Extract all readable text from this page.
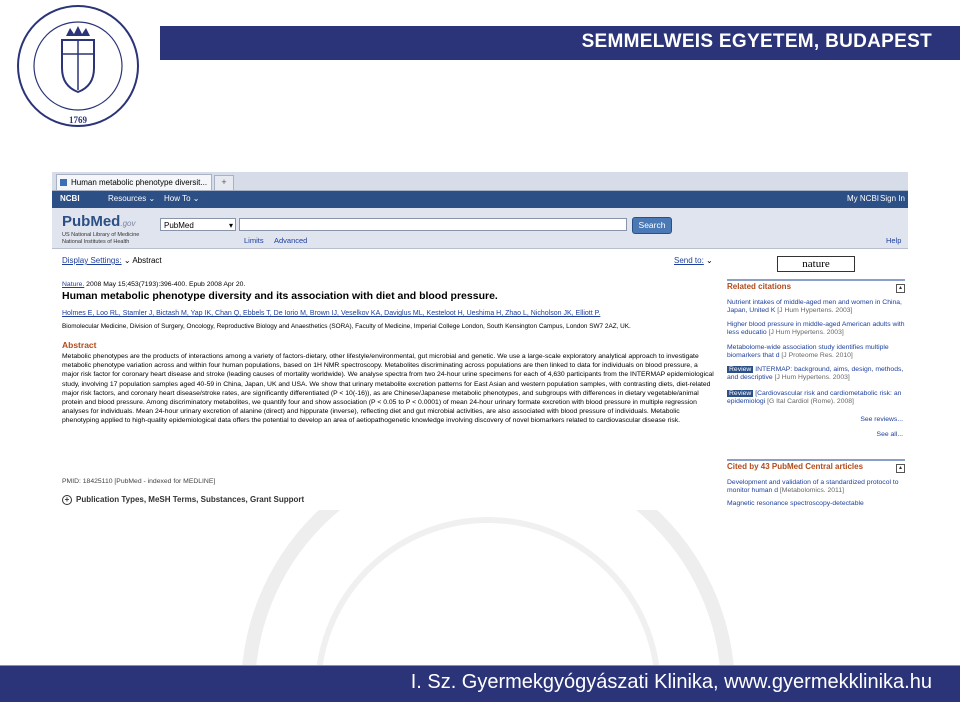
1769
SEMMELWEIS EGYETEM, BUDAPEST
Human metabolic phenotype diversit...	+
NCBI	Resources ⌄ How To ⌄	My NCBI Sign In
PubMed.gov
US National Library of Medicine
National Institutes of Health
PubMed ▾	Search
Limits Advanced	Help
Display Settings: ⌄ Abstract	Send to: ⌄
Nature. 2008 May 15;453(7193):396-400. Epub 2008 Apr 20.
Human metabolic phenotype diversity and its association with diet and blood pressure.
Holmes E, Loo RL, Stamler J, Bictash M, Yap IK, Chan Q, Ebbels T, De Iorio M, Brown IJ, Veselkov KA, Daviglus ML, Kesteloot H, Ueshima H, Zhao L, Nicholson JK, Elliott P.
Biomolecular Medicine, Division of Surgery, Oncology, Reproductive Biology and Anaesthetics (SORA), Faculty of Medicine, Imperial College London, South Kensington Campus, London SW7 2AZ, UK.
Abstract
Metabolic phenotypes are the products of interactions among a variety of factors-dietary, other lifestyle/environmental, gut microbial and genetic. We use a large-scale exploratory analytical approach to investigate metabolic phenotype variation across and within four human populations, based on 1H NMR spectroscopy. Metabolites discriminating across populations are then linked to data for individuals on blood pressure, a major risk factor for coronary heart disease and stroke (leading causes of mortality worldwide). We analyse spectra from two 24-hour urine specimens for each of 4,630 participants from the INTERMAP epidemiological study, involving 17 population samples aged 40-59 in China, Japan, UK and USA. We show that urinary metabolite excretion patterns for East Asian and western population samples, with contrasting diets, diet-related major risk factors, and coronary heart disease/stroke rates, are significantly differentiated (P < 10(-16)), as are Chinese/Japanese metabolic phenotypes, and subgroups with differences in dietary vegetable/animal protein and blood pressure. Among discriminatory metabolites, we quantify four and show association (P < 0.05 to P < 0.0001) of mean 24-hour urinary formate excretion with blood pressure in multiple regression analyses for individuals. Mean 24-hour urinary excretion of alanine (direct) and hippurate (inverse), reflecting diet and gut microbial activities, are also associated with blood pressure of individuals. Metabolic phenotyping applied to high-quality epidemiological data offers the potential to develop an area of aetiopathogenetic knowledge involving discovery of novel biomarkers related to cardiovascular disease risk.
PMID: 18425110 [PubMed - indexed for MEDLINE]
+ Publication Types, MeSH Terms, Substances, Grant Support
nature
Related citations	▴
Nutrient intakes of middle-aged men and women in China, Japan, United K [J Hum Hypertens. 2003]
Higher blood pressure in middle-aged American adults with less educatio [J Hum Hypertens. 2003]
Metabolome-wide association study identifies multiple biomarkers that d [J Proteome Res. 2010]
Review INTERMAP: background, aims, design, methods, and descriptive [J Hum Hypertens. 2003]
Review [Cardiovascular risk and cardiometabolic risk: an epidemiologi [G Ital Cardiol (Rome). 2008]
See reviews...
See all...
Cited by 43 PubMed Central articles	▴
Development and validation of a standardized protocol to monitor human d [Metabolomics. 2011]
Magnetic resonance spectroscopy-detectable
I. Sz. Gyermekgyógyászati Klinika, www.gyermekklinika.hu
